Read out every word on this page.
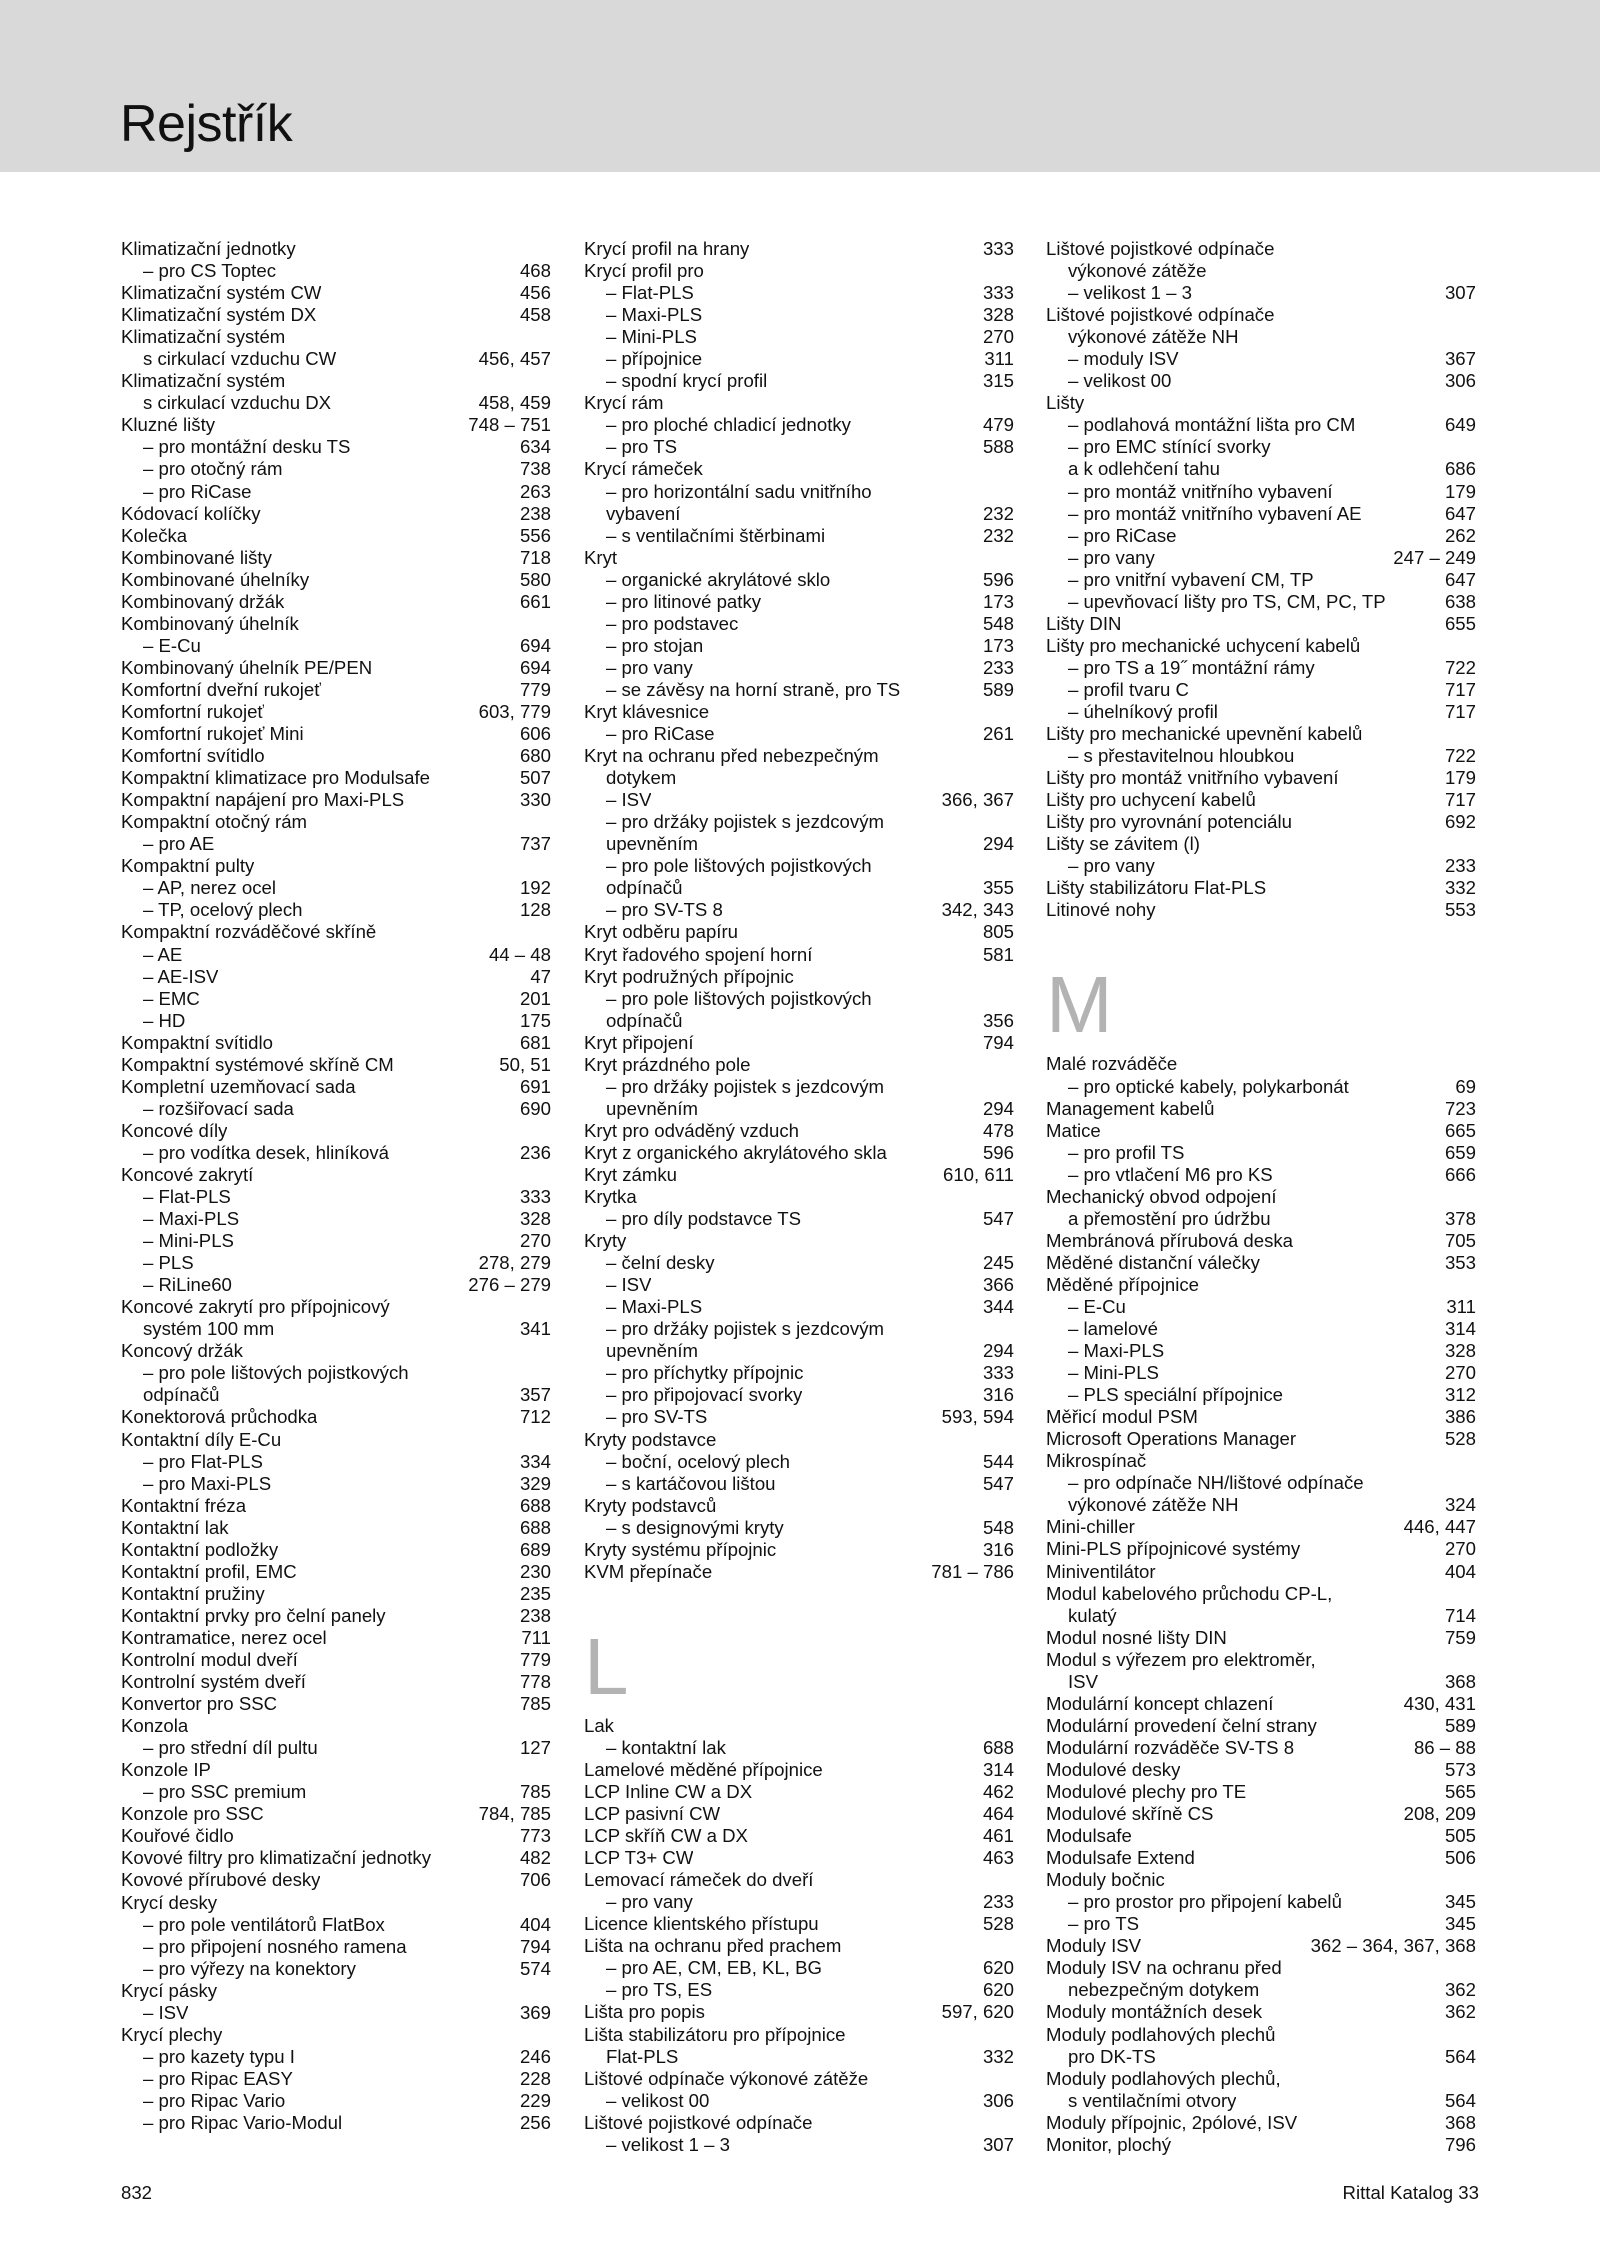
Rejstřík
Klimatizační jednotky
– pro CS Toptec	468
Klimatizační systém CW	456
Klimatizační systém DX	458
Klimatizační systém
s cirkulací vzduchu CW	456, 457
Klimatizační systém
s cirkulací vzduchu DX	458, 459
Kluzné lišty	748 – 751
– pro montážní desku TS	634
– pro otočný rám	738
– pro RiCase	263
Kódovací kolíčky	238
Kolečka	556
Kombinované lišty	718
Kombinované úhelníky	580
Kombinovaný držák	661
Kombinovaný úhelník
– E-Cu	694
Kombinovaný úhelník PE/PEN	694
Komfortní dveřní rukojeť	779
Komfortní rukojeť	603, 779
Komfortní rukojeť Mini	606
Komfortní svítidlo	680
Kompaktní klimatizace pro Modulsafe	507
Kompaktní napájení pro Maxi-PLS	330
Kompaktní otočný rám
– pro AE	737
Kompaktní pulty
– AP, nerez ocel	192
– TP, ocelový plech	128
Kompaktní rozváděčové skříně
– AE	44 – 48
– AE-ISV	47
– EMC	201
– HD	175
Kompaktní svítidlo	681
Kompaktní systémové skříně CM	50, 51
Kompletní uzemňovací sada	691
– rozšiřovací sada	690
Koncové díly
– pro vodítka desek, hliníková	236
Koncové zakrytí
– Flat-PLS	333
– Maxi-PLS	328
– Mini-PLS	270
– PLS	278, 279
– RiLine60	276 – 279
Koncové zakrytí pro přípojnicový
systém 100 mm	341
Koncový držák
– pro pole lištových pojistkových
odpínačů	357
Konektorová průchodka	712
Kontaktní díly E-Cu
– pro Flat-PLS	334
– pro Maxi-PLS	329
Kontaktní fréza	688
Kontaktní lak	688
Kontaktní podložky	689
Kontaktní profil, EMC	230
Kontaktní pružiny	235
Kontaktní prvky pro čelní panely	238
Kontramatice, nerez ocel	711
Kontrolní modul dveří	779
Kontrolní systém dveří	778
Konvertor pro SSC	785
Konzola
– pro střední díl pultu	127
Konzole IP
– pro SSC premium	785
Konzole pro SSC	784, 785
Kouřové čidlo	773
Kovové filtry pro klimatizační jednotky	482
Kovové přírubové desky	706
Krycí desky
– pro pole ventilátorů FlatBox	404
– pro připojení nosného ramena	794
– pro výřezy na konektory	574
Krycí pásky
– ISV	369
Krycí plechy
– pro kazety typu I	246
– pro Ripac EASY	228
– pro Ripac Vario	229
– pro Ripac Vario-Modul	256
Krycí profil na hrany	333
Krycí profil pro
– Flat-PLS	333
– Maxi-PLS	328
– Mini-PLS	270
– přípojnice	311
– spodní krycí profil	315
Krycí rám
– pro ploché chladicí jednotky	479
– pro TS	588
Krycí rámeček
– pro horizontální sadu vnitřního
vybavení	232
– s ventilačními štěrbinami	232
Kryt
– organické akrylátové sklo	596
– pro litinové patky	173
– pro podstavec	548
– pro stojan	173
– pro vany	233
– se závěsy na horní straně, pro TS	589
Kryt klávesnice
– pro RiCase	261
Kryt na ochranu před nebezpečným
dotykem
– ISV	366, 367
– pro držáky pojistek s jezdcovým
upevněním	294
– pro pole lištových pojistkových
odpínačů	355
– pro SV-TS 8	342, 343
Kryt odběru papíru	805
Kryt řadového spojení horní	581
Kryt podružných přípojnic
– pro pole lištových pojistkových
odpínačů	356
Kryt připojení	794
Kryt prázdného pole
– pro držáky pojistek s jezdcovým
upevněním	294
Kryt pro odváděný vzduch	478
Kryt z organického akrylátového skla	596
Kryt zámku	610, 611
Krytka
– pro díly podstavce TS	547
Kryty
– čelní desky	245
– ISV	366
– Maxi-PLS	344
– pro držáky pojistek s jezdcovým
upevněním	294
– pro příchytky přípojnic	333
– pro připojovací svorky	316
– pro SV-TS	593, 594
Kryty podstavce
– boční, ocelový plech	544
– s kartáčovou lištou	547
Kryty podstavců
– s designovými kryty	548
Kryty systému přípojnic	316
KVM přepínače	781 – 786
L
Lak
– kontaktní lak	688
Lamelové měděné přípojnice	314
LCP Inline CW a DX	462
LCP pasivní CW	464
LCP skříň CW a DX	461
LCP T3+ CW	463
Lemovací rámeček do dveří
– pro vany	233
Licence klientského přístupu	528
Lišta na ochranu před prachem
– pro AE, CM, EB, KL, BG	620
– pro TS, ES	620
Lišta pro popis	597, 620
Lišta stabilizátoru pro přípojnice
Flat-PLS	332
Lištové odpínače výkonové zátěže
– velikost 00	306
Lištové pojistkové odpínače
– velikost 1 – 3	307
Lištové pojistkové odpínače
výkonové zátěže
– velikost 1 – 3	307
Lištové pojistkové odpínače
výkonové zátěže NH
– moduly ISV	367
– velikost 00	306
Lišty
– podlahová montážní lišta pro CM	649
– pro EMC stínící svorky
a k odlehčení tahu	686
– pro montáž vnitřního vybavení	179
– pro montáž vnitřního vybavení AE	647
– pro RiCase	262
– pro vany	247 – 249
– pro vnitřní vybavení CM, TP	647
– upevňovací lišty pro TS, CM, PC, TP	638
Lišty DIN	655
Lišty pro mechanické uchycení kabelů
– pro TS a 19˝ montážní rámy	722
– profil tvaru C	717
– úhelníkový profil	717
Lišty pro mechanické upevnění kabelů
– s přestavitelnou hloubkou	722
Lišty pro montáž vnitřního vybavení	179
Lišty pro uchycení kabelů	717
Lišty pro vyrovnání potenciálu	692
Lišty se závitem (l)
– pro vany	233
Lišty stabilizátoru Flat-PLS	332
Litinové nohy	553
M
Malé rozváděče
– pro optické kabely, polykarbonát	69
Management kabelů	723
Matice	665
– pro profil TS	659
– pro vtlačení M6 pro KS	666
Mechanický obvod odpojení
a přemostění pro údržbu	378
Membránová přírubová deska	705
Měděné distanční válečky	353
Měděné přípojnice
– E-Cu	311
– lamelové	314
– Maxi-PLS	328
– Mini-PLS	270
– PLS speciální přípojnice	312
Měřicí modul PSM	386
Microsoft Operations Manager	528
Mikrospínač
– pro odpínače NH/lištové odpínače
výkonové zátěže NH	324
Mini-chiller	446, 447
Mini-PLS přípojnicové systémy	270
Miniventilátor	404
Modul kabelového průchodu CP-L,
kulatý	714
Modul nosné lišty DIN	759
Modul s výřezem pro elektroměr,
ISV	368
Modulární koncept chlazení	430, 431
Modulární provedení čelní strany	589
Modulární rozváděče SV-TS 8	86 – 88
Modulové desky	573
Modulové plechy pro TE	565
Modulové skříně CS	208, 209
Modulsafe	505
Modulsafe Extend	506
Moduly bočnic
– pro prostor pro připojení kabelů	345
– pro TS	345
Moduly ISV	362 – 364, 367, 368
Moduly ISV na ochranu před
nebezpečným dotykem	362
Moduly montážních desek	362
Moduly podlahových plechů
pro DK-TS	564
Moduly podlahových plechů,
s ventilačními otvory	564
Moduly přípojnic, 2pólové, ISV	368
Monitor, plochý	796
832	Rittal Katalog 33
